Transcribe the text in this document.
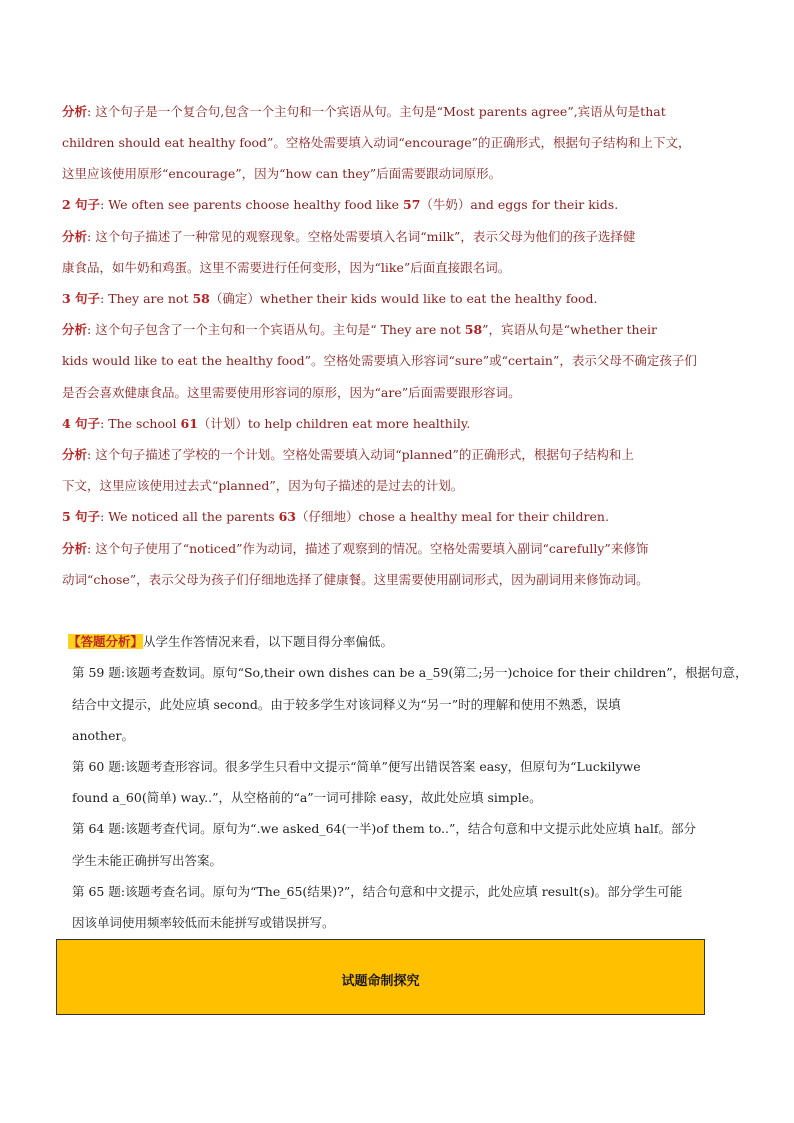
分析: 这个句子是一个复合句,包含一个主句和一个宾语从句。主句是“Most parents agree”,宾语从句是that
children should eat healthy food”。空格处需要填入动词“encourage”的正确形式，根据句子结构和上下文，
这里应该使用原形“encourage”，因为“how can they”后面需要跟动词原形。
2 句子: We often see parents choose healthy food like 57（牛奶）and eggs for their kids.
分析: 这个句子描述了一种常见的观察现象。空格处需要填入名词“milk”，表示父母为他们的孩子选择健
康食品，如牛奶和鸡蛋。这里不需要进行任何变形，因为“like”后面直接跟名词。
3 句子: They are not 58（确定）whether their kids would like to eat the healthy food.
分析: 这个句子包含了一个主句和一个宾语从句。主句是“ They are not 58”，宾语从句是“whether their
kids would like to eat the healthy food”。空格处需要填入形容词“sure”或“certain”，表示父母不确定孩子们
是否会喜欢健康食品。这里需要使用形容词的原形，因为“are”后面需要跟形容词。
4 句子: The school 61（计划）to help children eat more healthily.
分析: 这个句子描述了学校的一个计划。空格处需要填入动词“planned”的正确形式，根据句子结构和上
下文，这里应该使用过去式“planned”，因为句子描述的是过去的计划。
5 句子: We noticed all the parents 63（仔细地）chose a healthy meal for their children.
分析: 这个句子使用了“noticed”作为动词，描述了观察到的情况。空格处需要填入副词“carefully”来修饰
动词“chose”，表示父母为孩子们仔细地选择了健康餐。这里需要使用副词形式，因为副词用来修饰动词。
【答题分析】从学生作答情况来看，以下题目得分率偏低。
第 59 题:该题考查数词。原句“So,their own dishes can be a_59(第二;另一)choice for their children”，根据句意，
结合中文提示，此处应填 second。由于较多学生对该词释义为“另一”时的理解和使用不熟悉，误填
another。
第 60 题:该题考查形容词。很多学生只看中文提示“简单”便写出错误答案 easy，但原句为“Luckilywe
found a_60(简单) way..”，从空格前的“a”一词可排除 easy，故此处应填 simple。
第 64 题:该题考查代词。原句为“.we asked_64(一半)of them to..”，结合句意和中文提示此处应填 half。部分
学生未能正确拼写出答案。
第 65 题:该题考查名词。原句为“The_65(结果)?”，结合句意和中文提示，此处应填 result(s)。部分学生可能
因该单词使用频率较低而未能拼写或错误拼写。
试题命制探究
